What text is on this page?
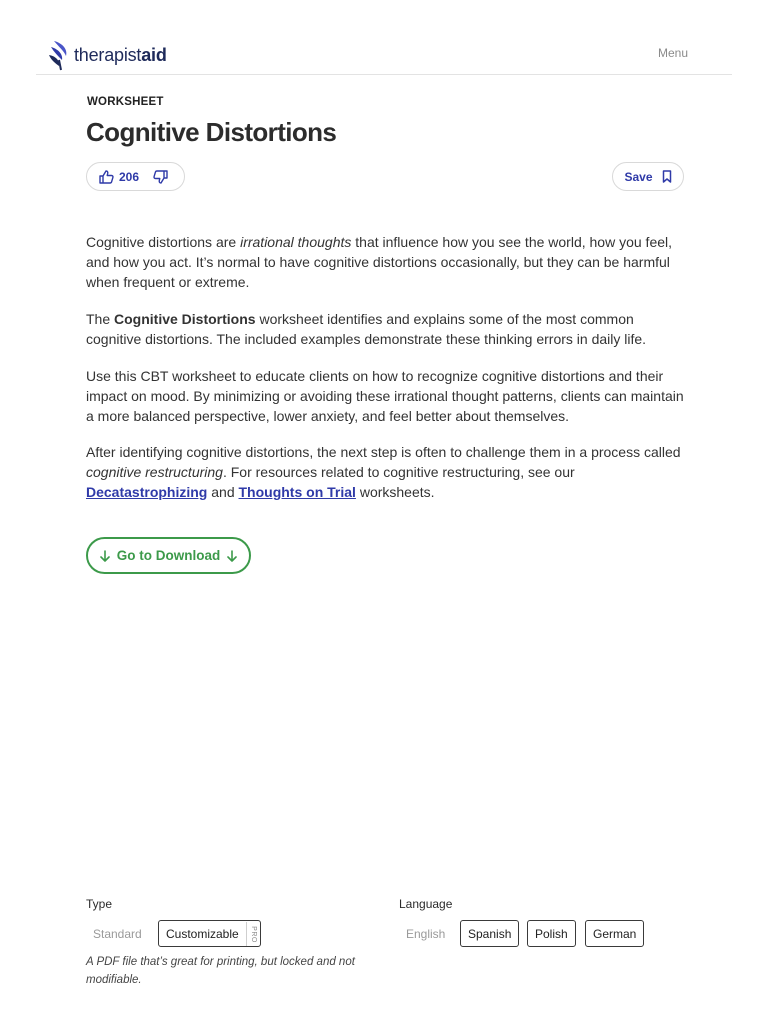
therapistaid	Menu
WORKSHEET
Cognitive Distortions
206	Save

Cognitive distortions are irrational thoughts that influence how you see the world, how you feel, and how you act. It’s normal to have cognitive distortions occasionally, but they can be harmful when frequent or extreme.

The Cognitive Distortions worksheet identifies and explains some of the most common cognitive distortions. The included examples demonstrate these thinking errors in daily life.

Use this CBT worksheet to educate clients on how to recognize cognitive distortions and their impact on mood. By minimizing or avoiding these irrational thought patterns, clients can maintain a more balanced perspective, lower anxiety, and feel better about themselves.

After identifying cognitive distortions, the next step is often to challenge them in a process called cognitive restructuring. For resources related to cognitive restructuring, see our Decatastrophizing and Thoughts on Trial worksheets.

Go to Download
Type
Standard Customizable PRO
A PDF file that’s great for printing, but locked and not modifiable.
Language
English	Spanish	Polish	German
